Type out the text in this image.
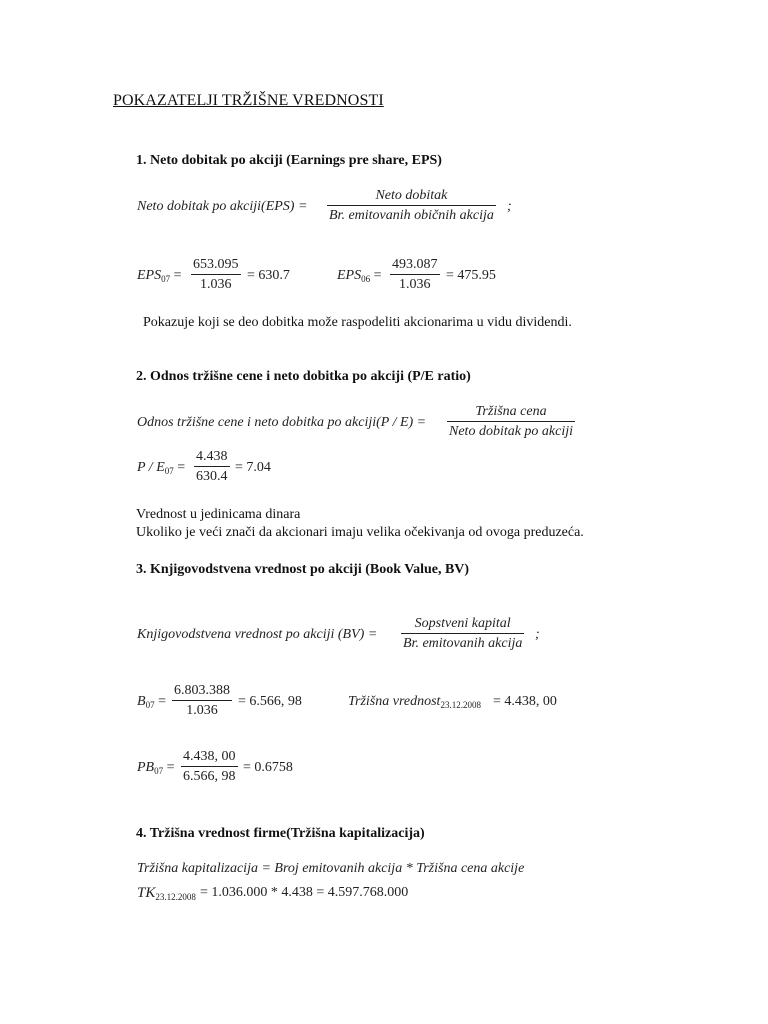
POKAZATELJI TRŽIŠNE VREDNOSTI
1. Neto dobitak po akciji (Earnings pre share, EPS)
Neto dobitak po akciji(EPS) =
Neto dobitak
Br. emitovanih običnih akcija
;
$EPS_{07}$ =
653.095
1.036
= 630.7	$EPS_{06}$ =
493.087
1.036
= 475.95
Pokazuje koji se deo dobitka može raspodeliti akcionarima u vidu dividendi.
2. Odnos tržišne cene i neto dobitka po akciji (P/E ratio)
Odnos tržišne cene i neto dobitka po akciji(P / E) =
Tržišna cena
Neto dobitak po akciji
P / $E_{07}$ =
4.438
630.4
= 7.04
Vrednost u jedinicama dinara
Ukoliko je veći znači da akcionari imaju velika očekivanja od ovoga preduzeća.
3. Knjigovodstvena vrednost po akciji (Book Value, BV)
Knjigovodstvena vrednost po akciji (BV) =
Sopstveni kapital
Br. emitovanih akcija
;
$B_{07}$ =
6.803.388
1.036
= 6.566, 98	Tržišna vrednost$_{23.12.2008}$ = 4.438, 00
$PB_{07}$ =
4.438, 00
6.566, 98
= 0.6758
4. Tržišna vrednost firme(Tržišna kapitalizacija)
Tržišna kapitalizacija = Broj emitovanih akcija * Tržišna cena akcije
$TK_{23.12.2008} = 1.036.000 * 4.438 = 4.597.768.000$
